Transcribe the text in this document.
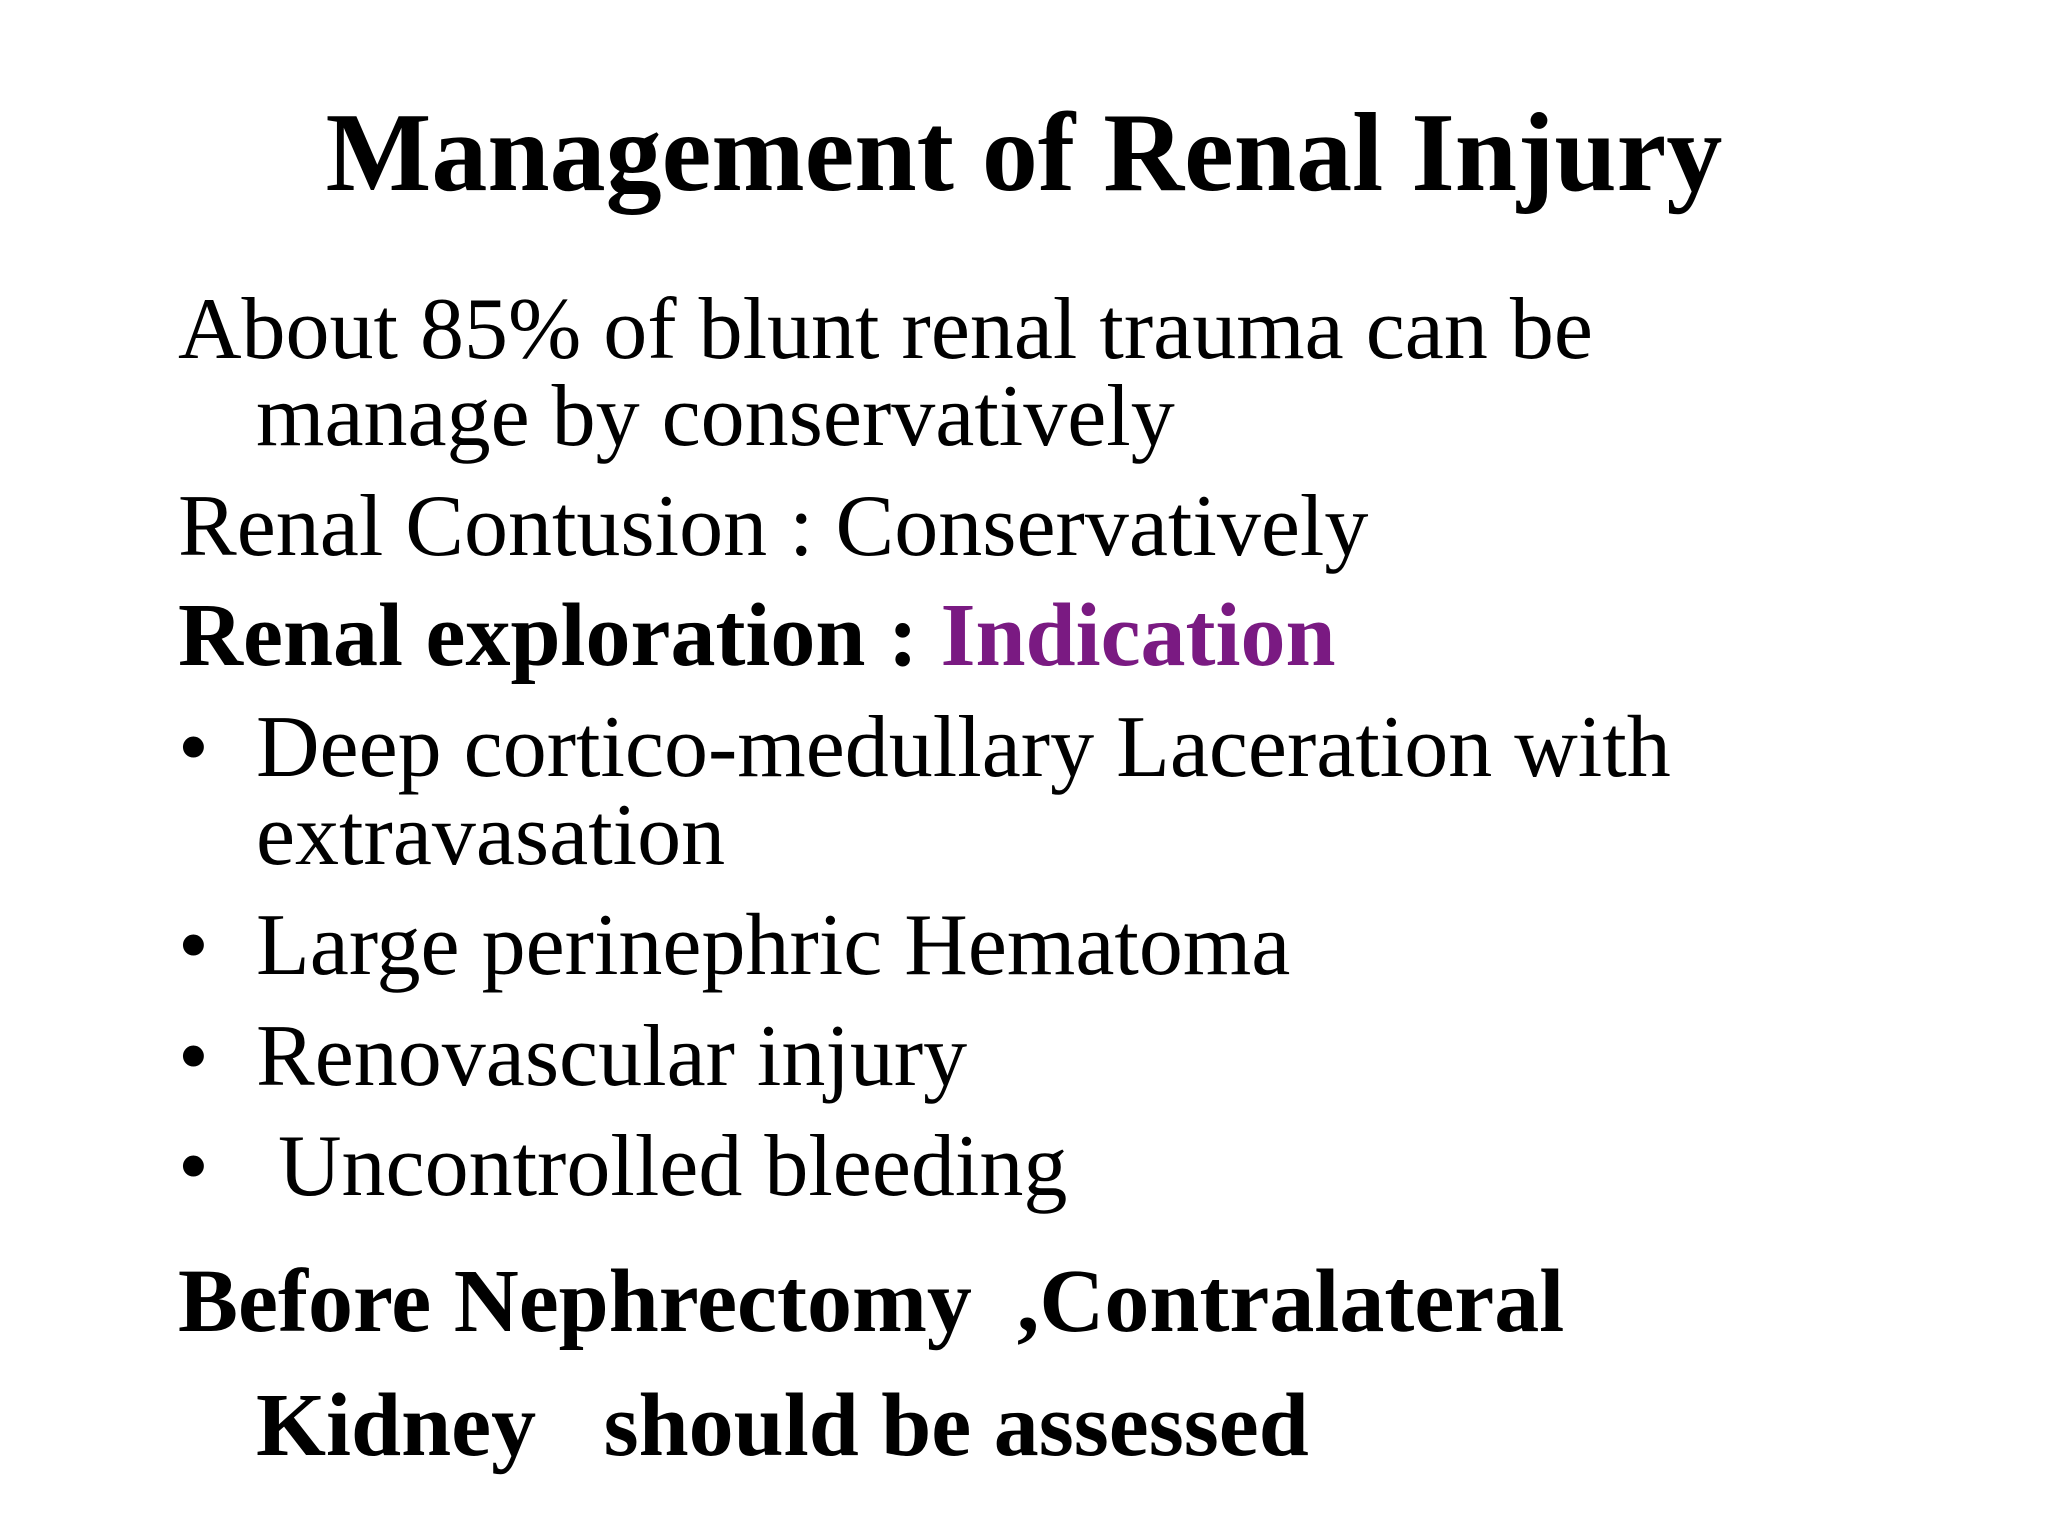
Management of Renal Injury
About 85% of blunt renal trauma can be
manage by conservatively
Renal Contusion : Conservatively
Renal exploration : Indication
• Deep cortico-medullary Laceration with
extravasation
• Large perinephric Hematoma
• Renovascular injury
• Uncontrolled bleeding
Before Nephrectomy  ,Contralateral
Kidney   should be assessed
